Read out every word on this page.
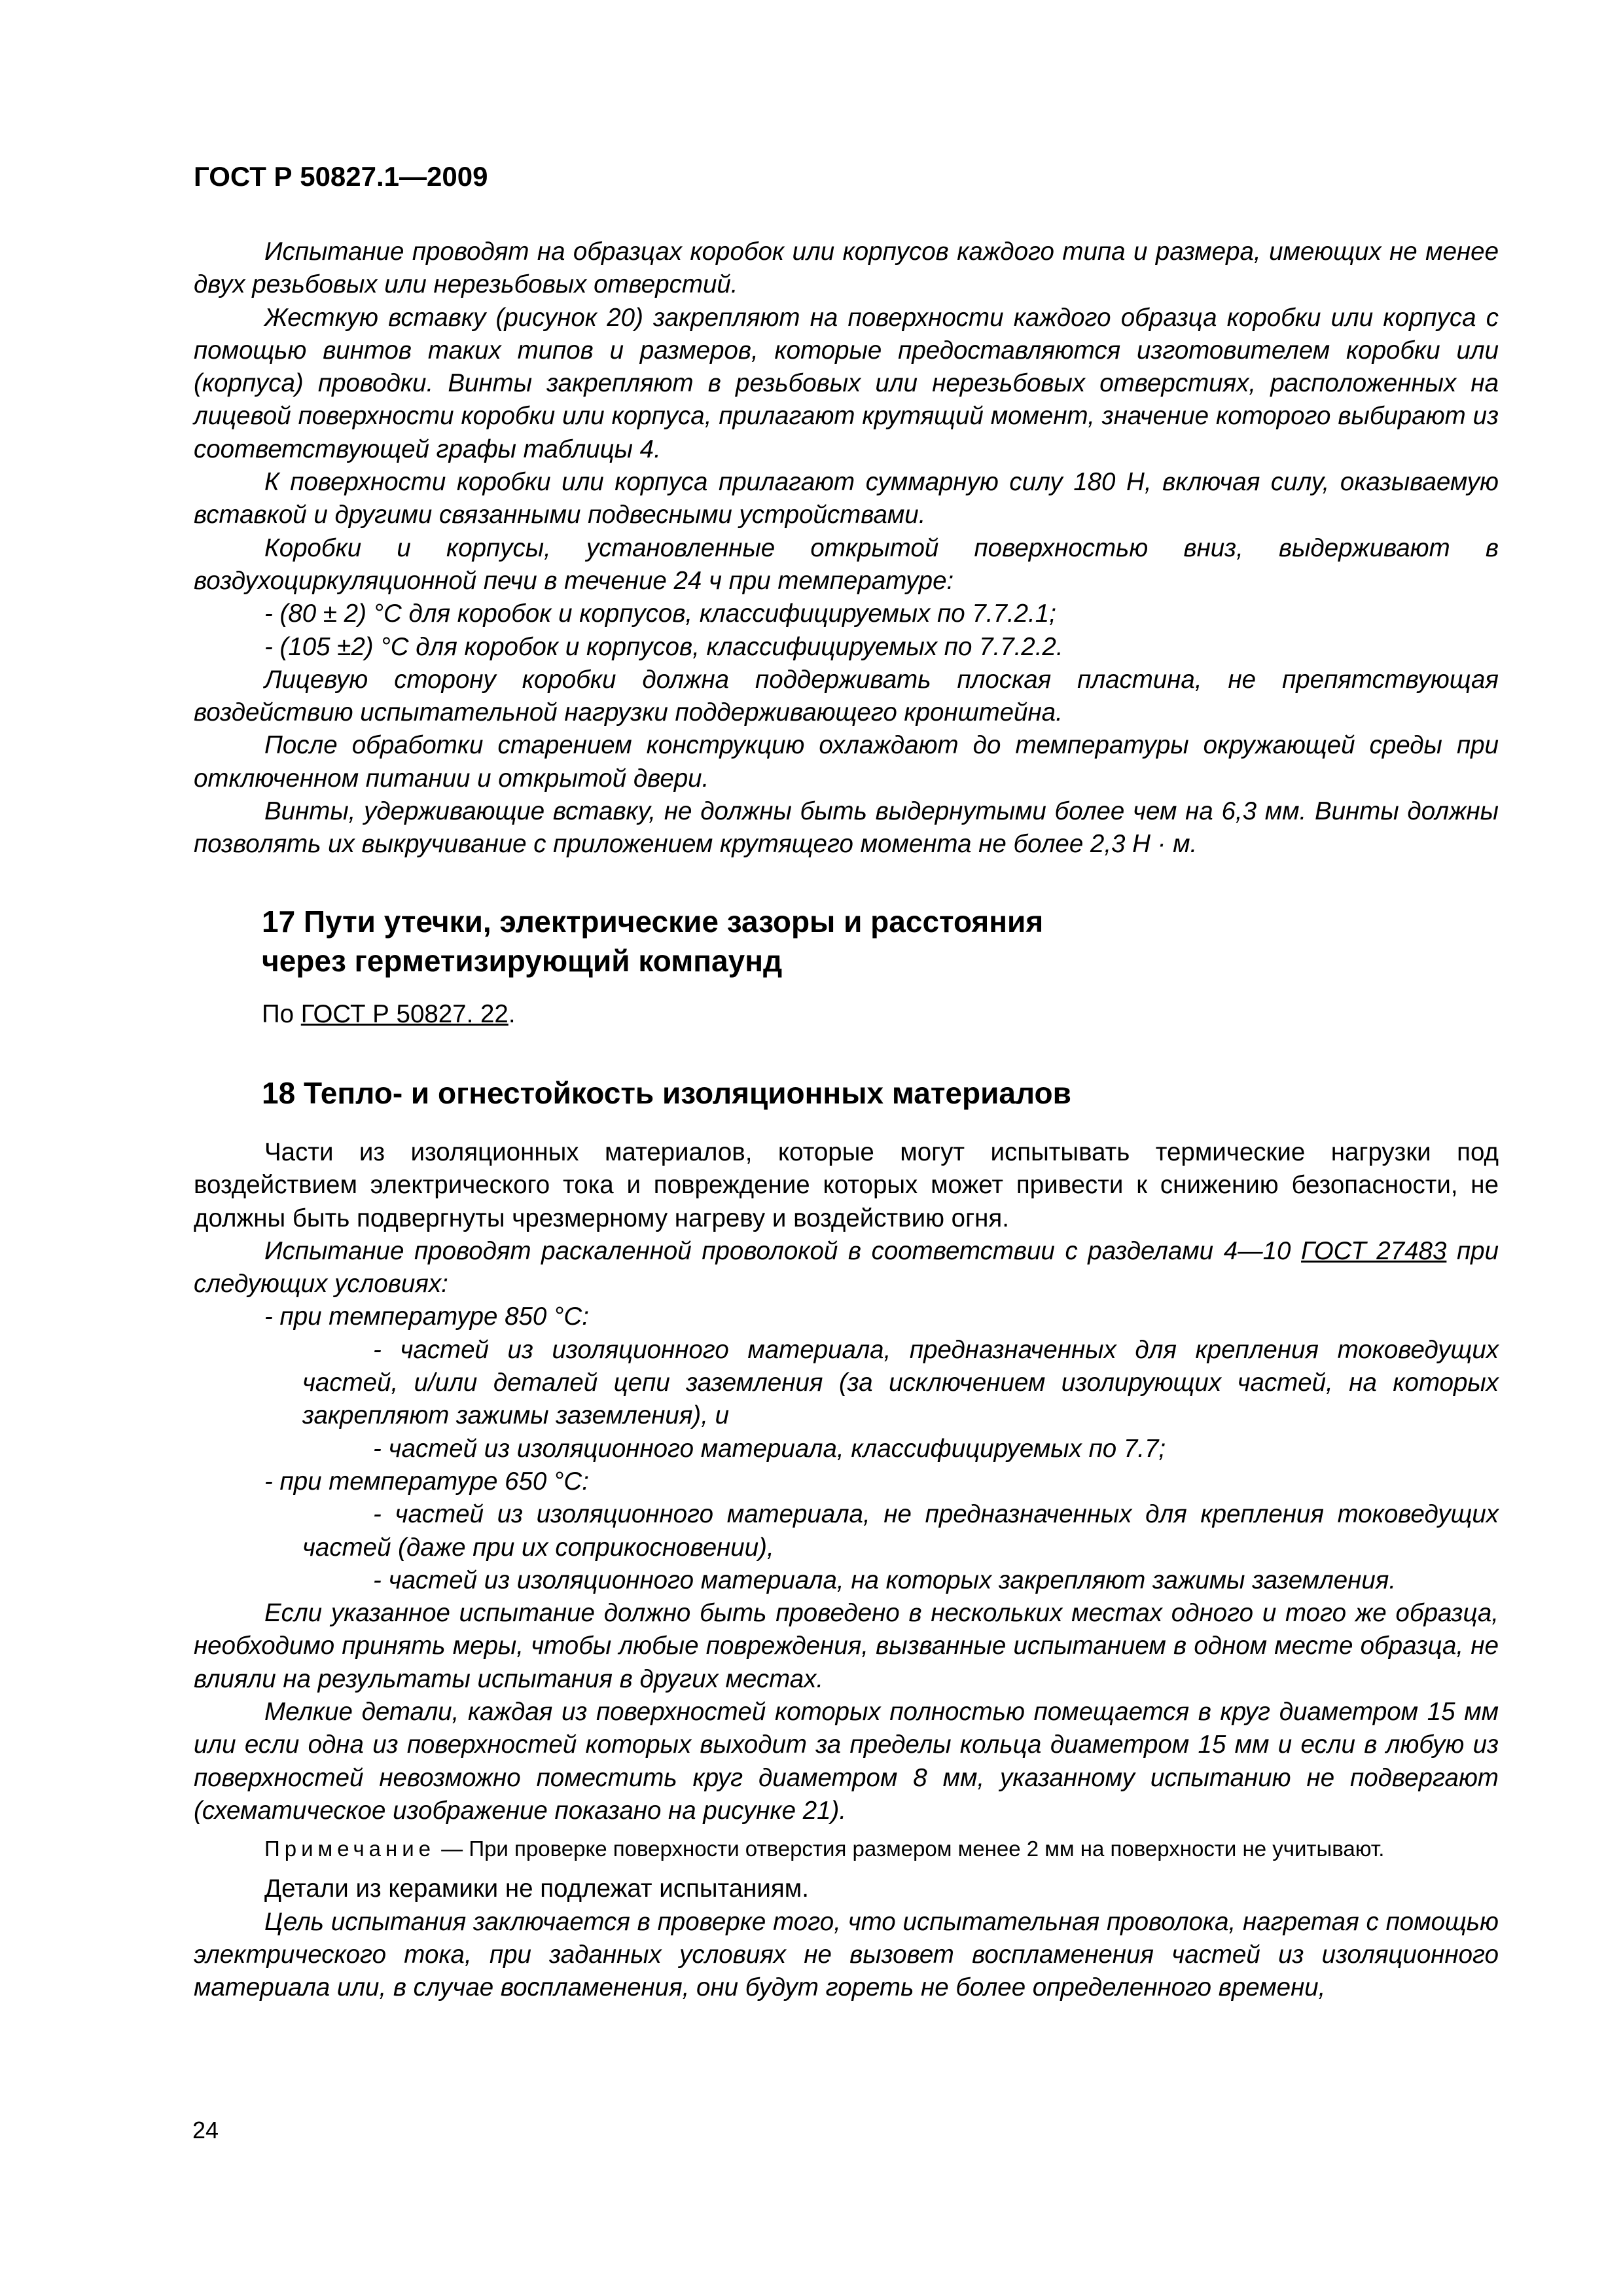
ГОСТ Р 50827.1—2009

Испытание проводят на образцах коробок или корпусов каждого типа и размера, имеющих не менее двух резьбовых или нерезьбовых отверстий.

Жесткую вставку (рисунок 20) закрепляют на поверхности каждого образца коробки или корпуса с помощью винтов таких типов и размеров, которые предоставляются изготовителем коробки или (корпуса) проводки. Винты закрепляют в резьбовых или нерезьбовых отверстиях, расположенных на лицевой поверхности коробки или корпуса, прилагают крутящий момент, значение которого выбирают из соответствующей графы таблицы 4.

К поверхности коробки или корпуса прилагают суммарную силу 180 Н, включая силу, оказываемую вставкой и другими связанными подвесными устройствами.

Коробки и корпусы, установленные открытой поверхностью вниз, выдерживают в воздухоциркуляционной печи в течение 24 ч при температуре:

- (80 ± 2) °С для коробок и корпусов, классифицируемых по 7.7.2.1;

- (105 ±2) °С для коробок и корпусов, классифицируемых по 7.7.2.2.

Лицевую сторону коробки должна поддерживать плоская пластина, не препятствующая воздействию испытательной нагрузки поддерживающего кронштейна.

После обработки старением конструкцию охлаждают до температуры окружающей среды при отключенном питании и открытой двери.

Винты, удерживающие вставку, не должны быть выдернутыми более чем на 6,3 мм. Винты должны позволять их выкручивание с приложением крутящего момента не более 2,3 Н · м.

17 Пути утечки, электрические зазоры и расстояния
через герметизирующий компаунд
По ГОСТ Р 50827. 22.
18 Тепло- и огнестойкость изоляционных материалов

Части из изоляционных материалов, которые могут испытывать термические нагрузки под воздействием электрического тока и повреждение которых может привести к снижению безопасности, не должны быть подвергнуты чрезмерному нагреву и воздействию огня.

Испытание проводят раскаленной проволокой в соответствии с разделами 4—10 ГОСТ 27483 при следующих условиях:

- при температуре 850 °С:

- частей из изоляционного материала, предназначенных для крепления токоведущих частей, и/или деталей цепи заземления (за исключением изолирующих частей, на которых закрепляют зажимы заземления), и

- частей из изоляционного материала, классифицируемых по 7.7;

- при температуре 650 °С:

- частей из изоляционного материала, не предназначенных для крепления токоведущих частей (даже при их соприкосновении),

- частей из изоляционного материала, на которых закрепляют зажимы заземления.

Если указанное испытание должно быть проведено в нескольких местах одного и того же образца, необходимо принять меры, чтобы любые повреждения, вызванные испытанием в одном месте образца, не влияли на результаты испытания в других местах.

Мелкие детали, каждая из поверхностей которых полностью помещается в круг диаметром 15 мм или если одна из поверхностей которых выходит за пределы кольца диаметром 15 мм и если в любую из поверхностей невозможно поместить круг диаметром 8 мм, указанному испытанию не подвергают (схематическое изображение показано на рисунке 21).

Примечание — При проверке поверхности отверстия размером менее 2 мм на поверхности не учитывают.

Детали из керамики не подлежат испытаниям.

Цель испытания заключается в проверке того, что испытательная проволока, нагретая с помощью электрического тока, при заданных условиях не вызовет воспламенения частей из изоляционного материала или, в случае воспламенения, они будут гореть не более определенного времени,

24
